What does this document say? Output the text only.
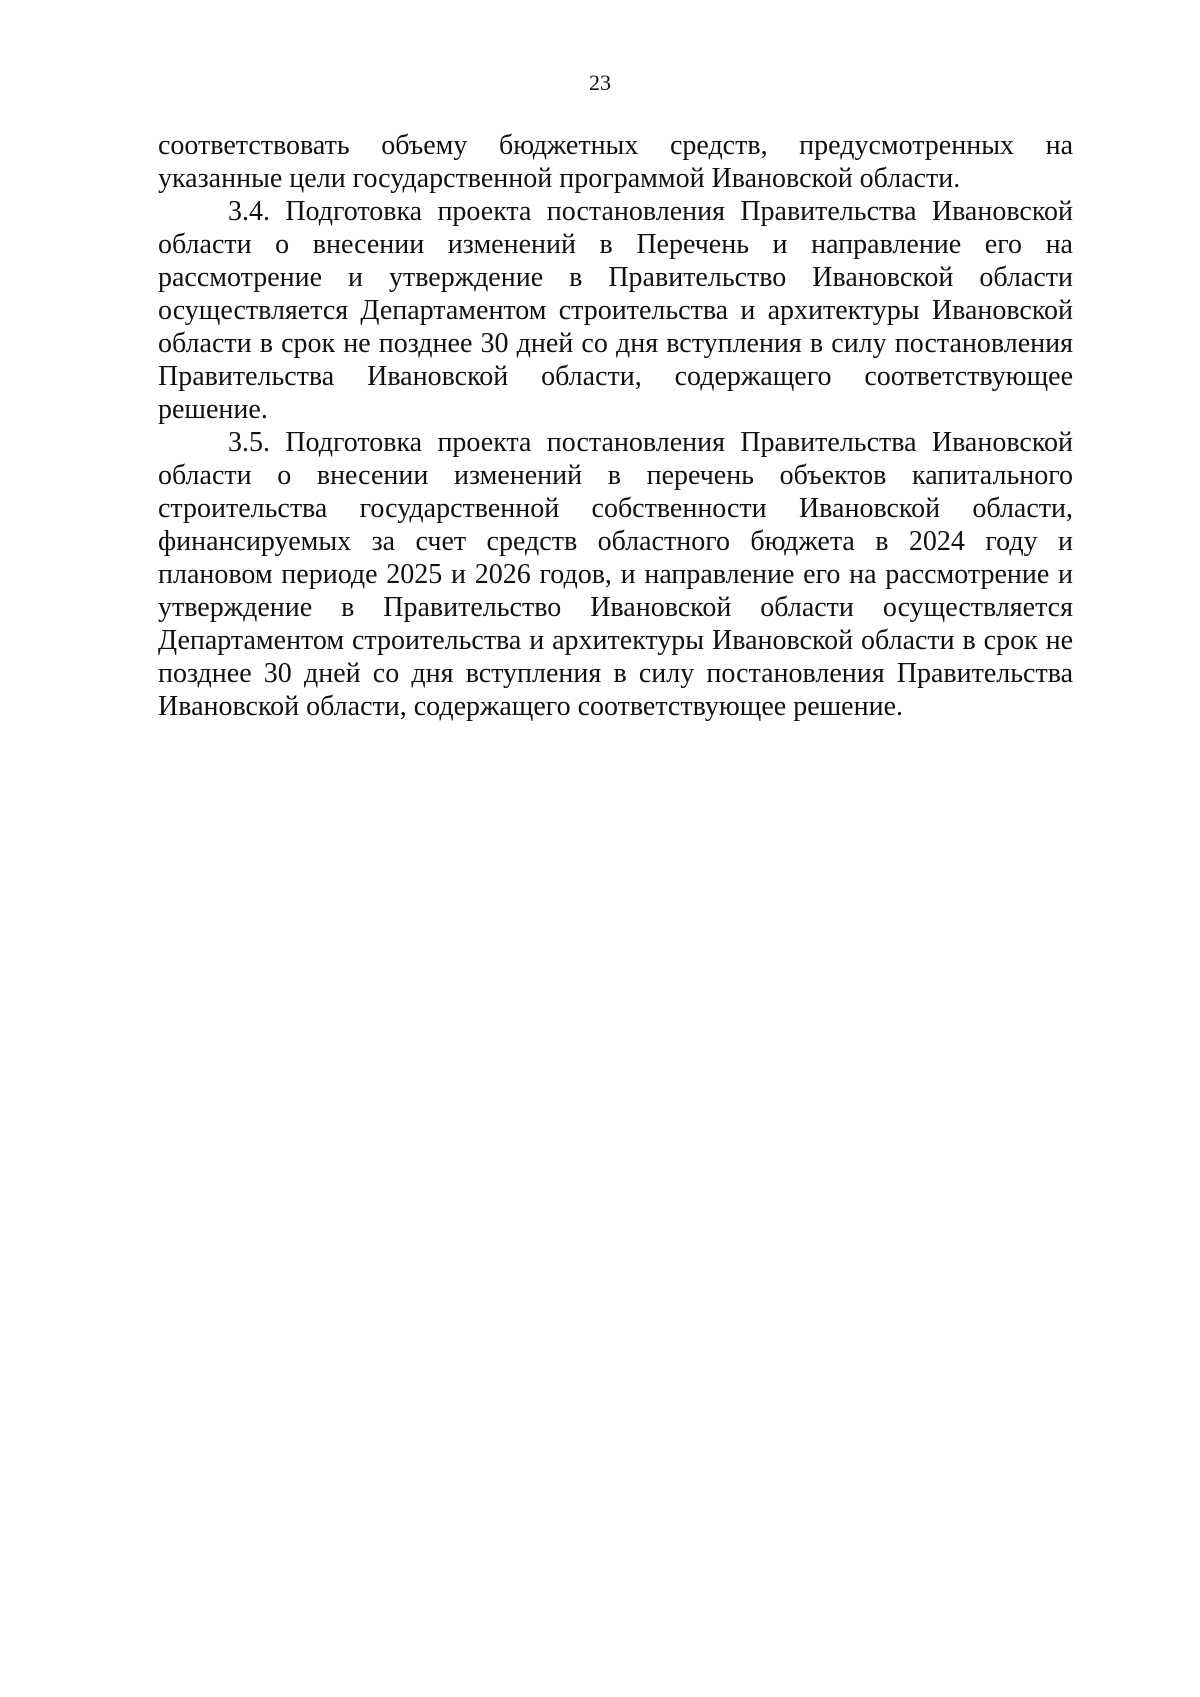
23

соответствовать объему бюджетных средств, предусмотренных на указанные цели государственной программой Ивановской области.

3.4. Подготовка проекта постановления Правительства Ивановской области о внесении изменений в Перечень и направление его на рассмотрение и утверждение в Правительство Ивановской области осуществляется Департаментом строительства и архитектуры Ивановской области в срок не позднее 30 дней со дня вступления в силу постановления Правительства Ивановской области, содержащего соответствующее решение.

3.5. Подготовка проекта постановления Правительства Ивановской области о внесении изменений в перечень объектов капитального строительства государственной собственности Ивановской области, финансируемых за счет средств областного бюджета в 2024 году и плановом периоде 2025 и 2026 годов, и направление его на рассмотрение и утверждение в Правительство Ивановской области осуществляется Департаментом строительства и архитектуры Ивановской области в срок не позднее 30 дней со дня вступления в силу постановления Правительства Ивановской области, содержащего соответствующее решение.
